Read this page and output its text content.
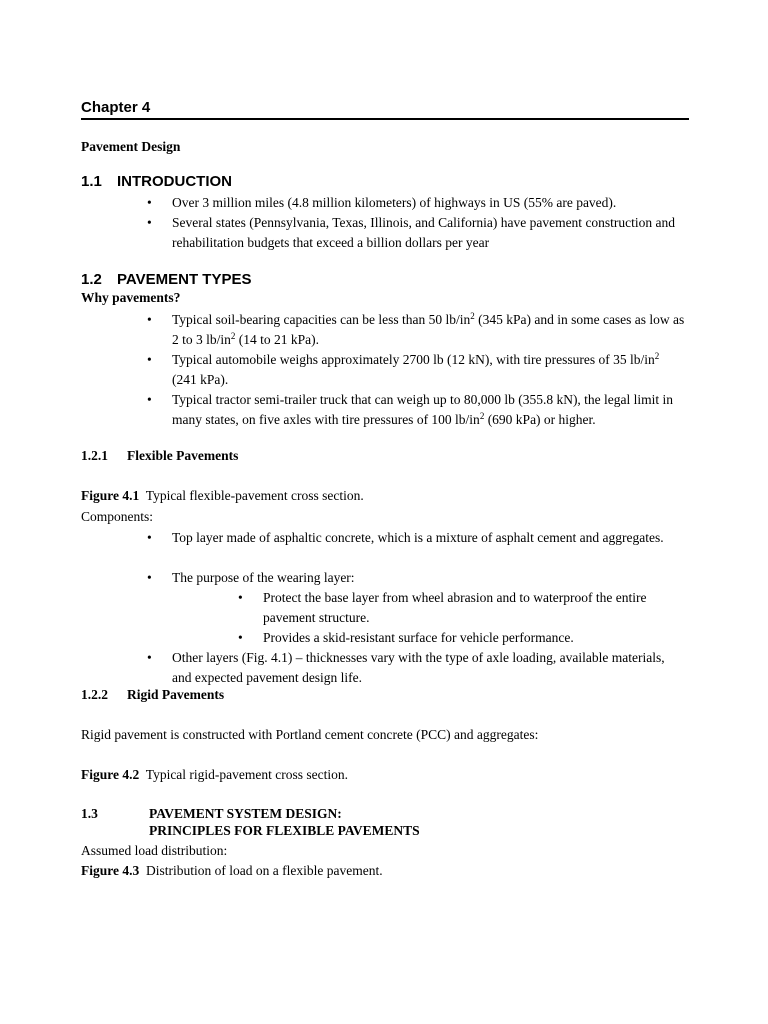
Chapter 4
Pavement Design
1.1 INTRODUCTION
• Over 3 million miles (4.8 million kilometers) of highways in US (55% are paved).
• Several states (Pennsylvania, Texas, Illinois, and California) have pavement construction and rehabilitation budgets that exceed a billion dollars per year
1.2 PAVEMENT TYPES
Why pavements?
• Typical soil-bearing capacities can be less than 50 $lb/in^2$ (345 kPa) and in some cases as low as 2 to 3 $lb/in^2$ (14 to 21 kPa).
• Typical automobile weighs approximately 2700 lb (12 kN), with tire pressures of 35 $lb/in^2$ (241 kPa).
• Typical tractor semi-trailer truck that can weigh up to 80,000 lb (355.8 kN), the legal limit in many states, on five axles with tire pressures of 100 $lb/in^2$ (690 kPa) or higher.
1.2.1 Flexible Pavements
Figure 4.1 Typical flexible-pavement cross section.
Components:
• Top layer made of asphaltic concrete, which is a mixture of asphalt cement and aggregates.
• The purpose of the wearing layer:
• Protect the base layer from wheel abrasion and to waterproof the entire pavement structure.
• Provides a skid-resistant surface for vehicle performance.
• Other layers (Fig. 4.1) – thicknesses vary with the type of axle loading, available materials, and expected pavement design life.
1.2.2 Rigid Pavements
Rigid pavement is constructed with Portland cement concrete (PCC) and aggregates:
Figure 4.2 Typical rigid-pavement cross section.
1.3	PAVEMENT SYSTEM DESIGN:
PRINCIPLES FOR FLEXIBLE PAVEMENTS
Assumed load distribution:
Figure 4.3 Distribution of load on a flexible pavement.
